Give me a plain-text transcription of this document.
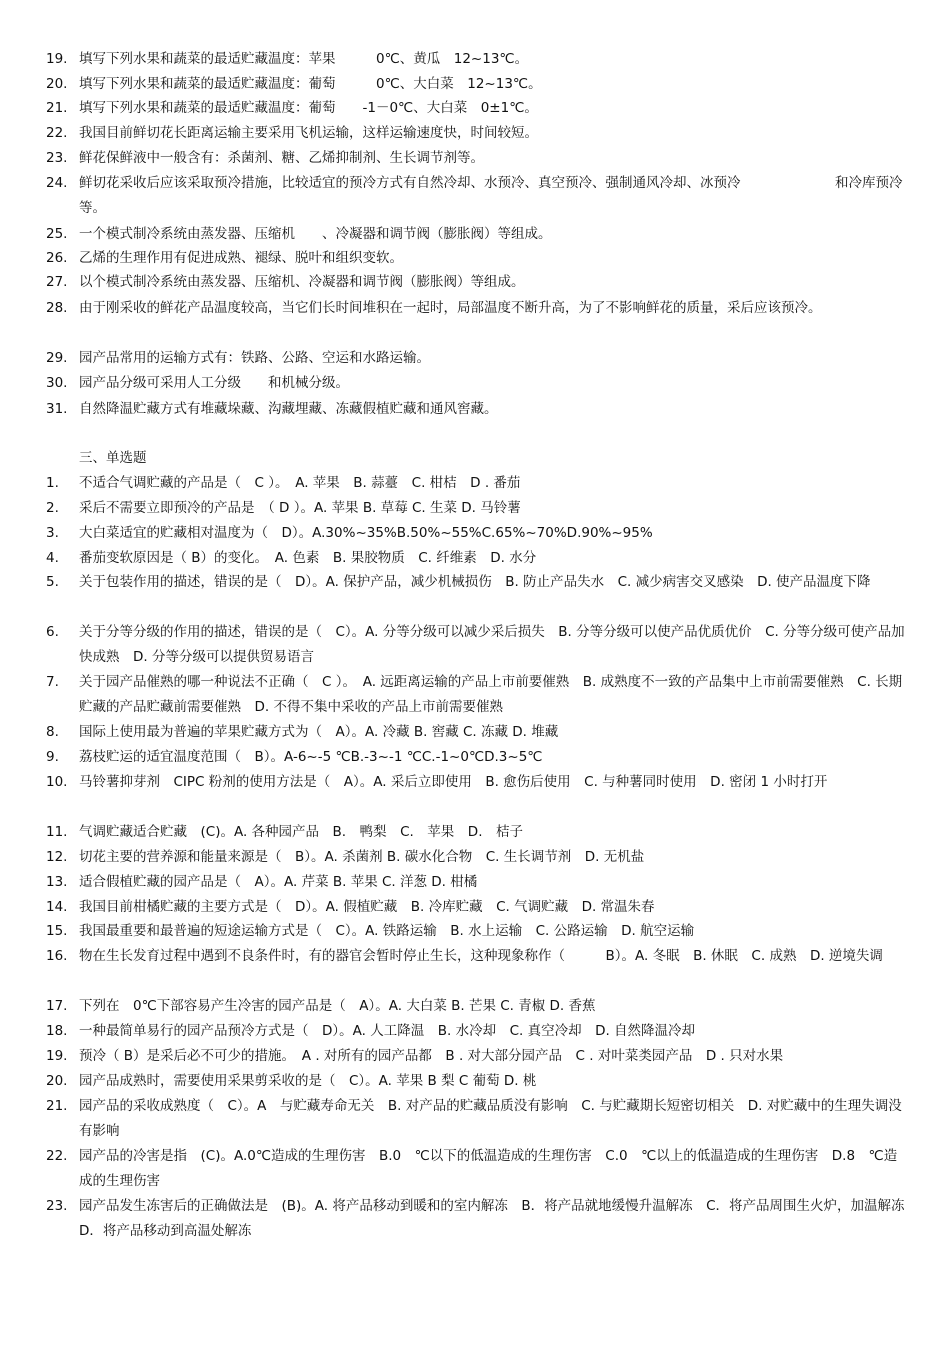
19. 填写下列水果和蔬菜的最适贮藏温度：苹果　　　0℃、黄瓜　12~13℃。
20. 填写下列水果和蔬菜的最适贮藏温度：葡萄　　　0℃、大白菜　12~13℃。
21. 填写下列水果和蔬菜的最适贮藏温度：葡萄　　-1－0℃、大白菜　0±1℃。
22. 我国目前鲜切花长距离运输主要采用飞机运输，这样运输速度快，时间较短。
23. 鲜花保鲜液中一般含有：杀菌剂、糖、乙烯抑制剂、生长调节剂等。
24. 鲜切花采收后应该采取预冷措施，比较适宜的预冷方式有自然冷却、水预冷、真空预冷、强制通风冷却、冰预冷　　　　　　　和冷库预冷等。
25. 一个模式制冷系统由蒸发器、压缩机　　、冷凝器和调节阀（膨胀阀）等组成。
26. 乙烯的生理作用有促进成熟、褪绿、脱叶和组织变软。
27. 以个模式制冷系统由蒸发器、压缩机、冷凝器和调节阀（膨胀阀）等组成。
28. 由于刚采收的鲜花产品温度较高，当它们长时间堆积在一起时，局部温度不断升高，为了不影响鲜花的质量，采后应该预冷。
29. 园产品常用的运输方式有：铁路、公路、空运和水路运输。
30. 园产品分级可采用人工分级　　和机械分级。
31. 自然降温贮藏方式有堆藏垛藏、沟藏埋藏、冻藏假植贮藏和通风窖藏。
三、单选题
1.	不适合气调贮藏的产品是（　C ）。　A. 苹果　B. 蒜薹　C. 柑桔　D . 番茄
2.	采后不需要立即预冷的产品是　（ D ）。A. 苹果 B. 草莓 C. 生菜 D. 马铃薯
3.	大白菜适宜的贮藏相对温度为（　D）。A.30%~35%B.50%~55%C.65%~70%D.90%~95%
4.	番茄变软原因是（ B）的变化。　A. 色素　B. 果胶物质　C. 纤维素　D. 水分
5.	关于包装作用的描述，错误的是（　D）。A. 保护产品，减少机械损伤　B. 防止产品失水　C. 减少病害交叉感染　D. 使产品温度下降
6.	关于分等分级的作用的描述，错误的是（　C）。A. 分等分级可以减少采后损失　B. 分等分级可以使产品优质优价　C. 分等分级可使产品加快成熟　D. 分等分级可以提供贸易语言
7.	关于园产品催熟的哪一种说法不正确（　C ）。　A. 远距离运输的产品上市前要催熟　B. 成熟度不一致的产品集中上市前需要催熟　C. 长期贮藏的产品贮藏前需要催熟　D. 不得不集中采收的产品上市前需要催熟
8.	国际上使用最为普遍的苹果贮藏方式为（　A）。A. 冷藏 B. 窖藏 C. 冻藏 D. 堆藏
9.	荔枝贮运的适宜温度范围（　B）。A-6~-5 ℃B.-3~-1 ℃C.-1~0℃D.3~5℃
10. 马铃薯抑芽剂　CIPC 粉剂的使用方法是（　A）。A. 采后立即使用　B. 愈伤后使用　C. 与种薯同时使用　D. 密闭 1 小时打开
11. 气调贮藏适合贮藏　(C)。A. 各种园产品　B.　鸭梨　C.　苹果　D.　桔子
12. 切花主要的营养源和能量来源是（　B）。A. 杀菌剂 B. 碳水化合物　C. 生长调节剂　D. 无机盐
13. 适合假植贮藏的园产品是（　A）。A. 芹菜 B. 苹果 C. 洋葱 D. 柑橘
14. 我国目前柑橘贮藏的主要方式是（　D）。A. 假植贮藏　B. 冷库贮藏　C. 气调贮藏　D. 常温朱春
15. 我国最重要和最普遍的短途运输方式是（　C）。A. 铁路运输　B. 水上运输　C. 公路运输　D. 航空运输
16. 物在生长发育过程中遇到不良条件时，有的器官会暂时停止生长，这种现象称作（　　　B）。A. 冬眠　B. 休眠　C. 成熟　D. 逆境失调
17. 下列在　0℃下部容易产生冷害的园产品是（　A）。A. 大白菜 B. 芒果 C. 青椒 D. 香蕉
18. 一种最简单易行的园产品预冷方式是（　D）。A. 人工降温　B. 水冷却　C. 真空冷却　D. 自然降温冷却
19. 预冷（ B）是采后必不可少的措施。　A . 对所有的园产品都　B . 对大部分园产品　C . 对叶菜类园产品　D . 只对水果
20. 园产品成熟时，需要使用采果剪采收的是（　C）。A. 苹果 B 梨 C 葡萄 D. 桃
21. 园产品的采收成熟度（　C）。A　与贮藏寿命无关　B. 对产品的贮藏品质没有影响　C. 与贮藏期长短密切相关　D. 对贮藏中的生理失调没有影响
22. 园产品的冷害是指　(C)。A.0℃造成的生理伤害　B.0　℃以下的低温造成的生理伤害　C.0　℃以上的低温造成的生理伤害　D.8　℃造成的生理伤害
23. 园产品发生冻害后的正确做法是　(B)。A. 将产品移动到暖和的室内解冻　B．将产品就地缓慢升温解冻　C．将产品周围生火炉，加温解冻　D．将产品移动到高温处解冻
